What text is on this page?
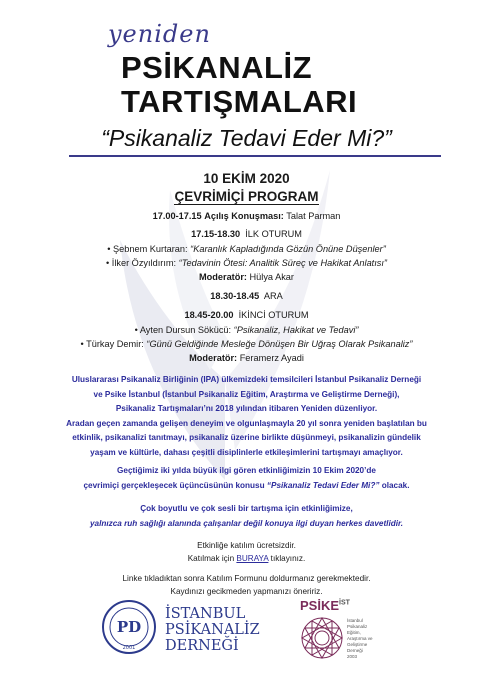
yeniden
PSİKANALİZ
TARTIŞMALARI
“Psikanaliz Tedavi Eder Mi?”
10 EKİM 2020
ÇEVRİMİÇİ PROGRAM
17.00-17.15 Açılış Konuşması: Talat Parman
17.15-18.30 İLK OTURUM
• Şebnem Kurtaran: “Karanlık Kapladığında Gözün Önüne Düşenler”
• İlker Özyıldırım: “Tedavinin Ötesi: Analitik Süreç ve Hakikat Anlatısı”
Moderatör: Hülya Akar
18.30-18.45 ARA
18.45-20.00 İKİNCİ OTURUM
• Ayten Dursun Sökücü: “Psikanaliz, Hakikat ve Tedavi”
• Türkay Demir: “Günü Geldiğinde Mesleğe Dönüşen Bir Uğraş Olarak Psikanaliz”
Moderatör: Feramerz Ayadi
Uluslararası Psikanaliz Birliğinin (IPA) ülkemizdeki temsilcileri İstanbul Psikanaliz Derneği
ve Psike İstanbul (İstanbul Psikanaliz Eğitim, Araştırma ve Geliştirme Derneği),
Psikanaliz Tartışmaları’nı 2018 yılından itibaren Yeniden düzenliyor.
Aradan geçen zamanda gelişen deneyim ve olgunlaşmayla 20 yıl sonra yeniden başlatılan bu
etkinlik, psikanalizi tanıtmayı, psikanaliz üzerine birlikte düşünmeyi, psikanalizin gündelik
yaşam ve kültürle, dahası çeşitli disiplinlerle etkileşimlerini tartışmayı amaçlıyor.
Geçtiğimiz iki yılda büyük ilgi gören etkinliğimizin 10 Ekim 2020’de
çevrimiçi gerçekleşecek üçüncüsünün konusu “Psikanaliz Tedavi Eder Mi?” olacak.
Çok boyutlu ve çok sesli bir tartışma için etkinliğimize,
yalnızca ruh sağlığı alanında çalışanlar değil konuya ilgi duyan herkes davetlidir.
Etkinliğe katılım ücretsizdir.
Katılmak için BURAYA tıklayınız.
Linke tıkladıktan sonra Katılım Formunu doldurmanız gerekmektedir.
Kaydınızı gecikmeden yapmanızı öneririz.
PD
2001
İSTANBUL
PSİKANALİZ
DERNEĞİ
$PSİKE^{İST}$
İstanbul
Psikanaliz
Eğitim,
Araştırma ve
Geliştirme
Derneği
2003
